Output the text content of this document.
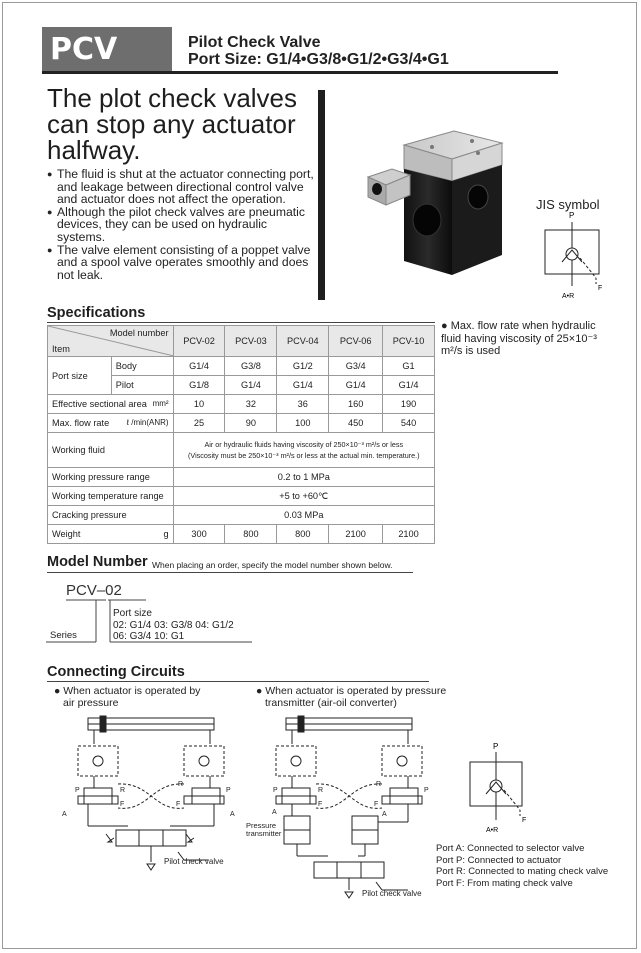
PCV	Pilot Check Valve
Port Size: G1/4•G3/8•G1/2•G3/4•G1
The plot check valves
can stop any actuator
halfway.
● The fluid is shut at the actuator connecting port, and leakage between directional control valve and actuator does not affect the operation.
● Although the pilot check valves are pneumatic devices, they can be used on hydraulic systems.
● The valve element consisting of a poppet valve and a spool valve operates smoothly and does not leak.
JIS symbol
P
A•R
F
Specifications
Model number
Item		PCV-02	PCV-03	PCV-04	PCV-06	PCV-10
Port size	Body	G1/4	G3/8	G1/2	G3/4	G1
	Pilot	G1/8	G1/4	G1/4	G1/4	G1/4
Effective sectional area mm²		10	32	36	160	190
Max. flow rate ℓ /min(ANR)		25	90	100	450	540
Working fluid		Air or hydraulic fluids having viscosity of 250×10⁻³ m²/s or less
(Viscosity must be 250×10⁻³ m²/s or less at the actual min. temperature.)				

Working pressure range		0.2 to 1 MPa				
Working temperature range		+5 to +60℃				
Cracking pressure		0.03 MPa				
Weight g		300	800	800	2100	2100
● Max. flow rate when hydraulic fluid having viscosity of 25×10⁻³ m²/s is used
Model Number When placing an order, specify the model number shown below.
PCV–02
Port size
02: G1/4 03: G3/8 04: G1/2
06: G3/4 10: G1
Series
Connecting Circuits
● When actuator is operated by
air pressure
● When actuator is operated by pressure
transmitter (air-oil converter)
A	A
P
R
R
F	F
P
Pilot check valve
P	R
R
F	F
P
A	A
Pressure
transmitter
Pilot check valve
P
A•R
F
Port A: Connected to selector valve
Port P: Connected to actuator
Port R: Connected to mating check valve
Port F: From mating check valve
